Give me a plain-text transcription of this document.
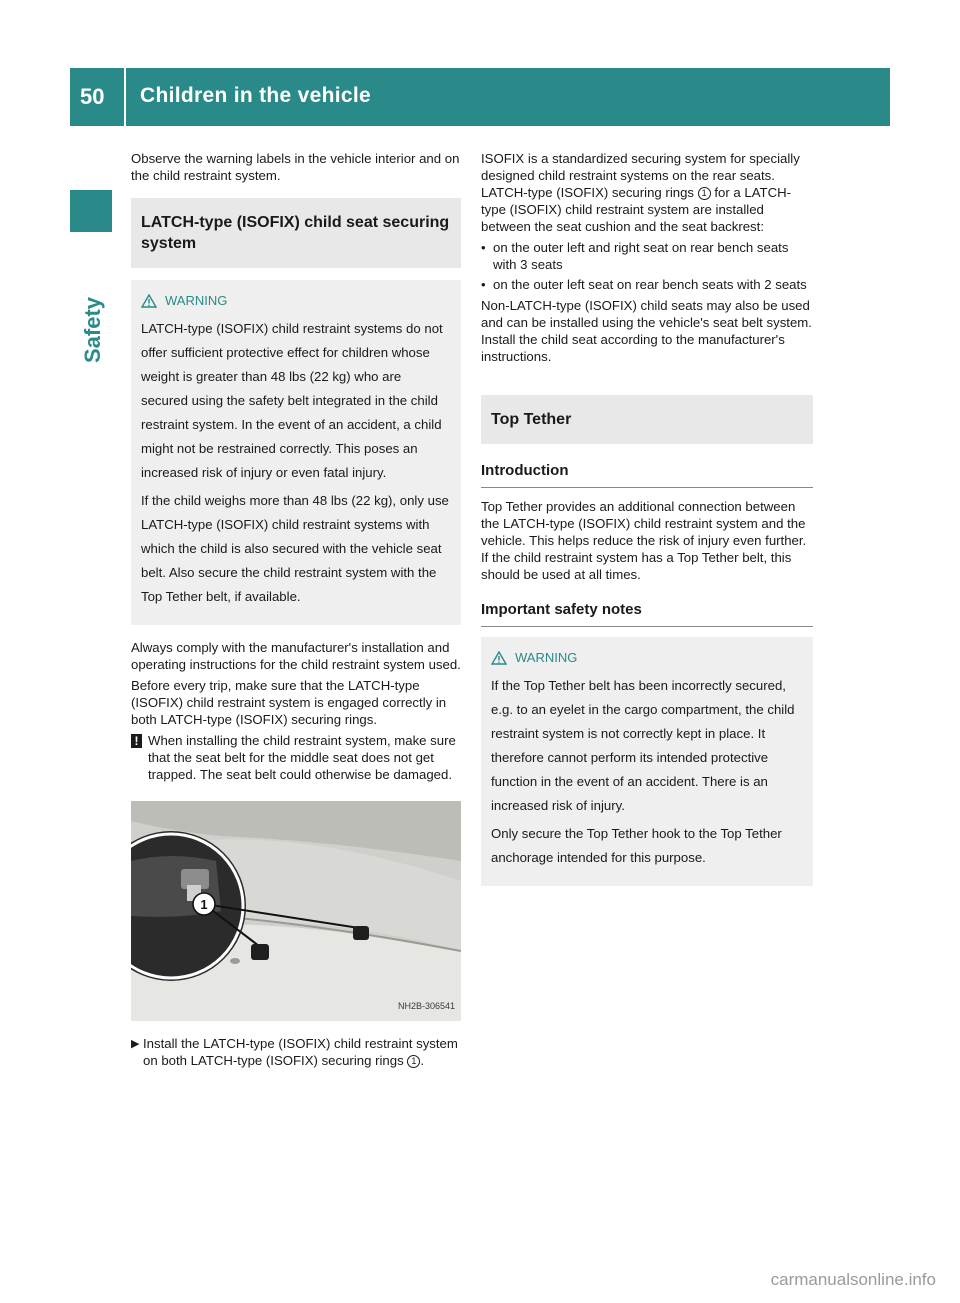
50 Children in the vehicle
Safety

Observe the warning labels in the vehicle interior and on the child restraint system.

LATCH-type (ISOFIX) child seat securing system
WARNING

LATCH-type (ISOFIX) child restraint systems do not offer sufficient protective effect for children whose weight is greater than 48 lbs (22 kg) who are secured using the safety belt integrated in the child restraint system. In the event of an accident, a child might not be restrained correctly. This poses an increased risk of injury or even fatal injury.

If the child weighs more than 48 lbs (22 kg), only use LATCH-type (ISOFIX) child restraint systems with which the child is also secured with the vehicle seat belt. Also secure the child restraint system with the Top Tether belt, if available.

Always comply with the manufacturer's installation and operating instructions for the child restraint system used.

Before every trip, make sure that the LATCH-type (ISOFIX) child restraint system is engaged correctly in both LATCH-type (ISOFIX) securing rings.

! When installing the child restraint system, make sure that the seat belt for the middle seat does not get trapped. The seat belt could otherwise be damaged.
1
NH2B-306541
▶ Install the LATCH-type (ISOFIX) child restraint system on both LATCH-type (ISOFIX) securing rings 1 .

ISOFIX is a standardized securing system for specially designed child restraint systems on the rear seats. LATCH-type (ISOFIX) securing rings 1 for a LATCH-type (ISOFIX) child restraint system are installed between the seat cushion and the seat backrest:

• on the outer left and right seat on rear bench seats with 3 seats
• on the outer left seat on rear bench seats with 2 seats

Non-LATCH-type (ISOFIX) child seats may also be used and can be installed using the vehicle's seat belt system. Install the child seat according to the manufacturer's instructions.

Top Tether
Introduction

Top Tether provides an additional connection between the LATCH-type (ISOFIX) child restraint system and the vehicle. This helps reduce the risk of injury even further. If the child restraint system has a Top Tether belt, this should be used at all times.

Important safety notes
WARNING

If the Top Tether belt has been incorrectly secured, e.g. to an eyelet in the cargo compartment, the child restraint system is not correctly kept in place. It therefore cannot perform its intended protective function in the event of an accident. There is an increased risk of injury.

Only secure the Top Tether hook to the Top Tether anchorage intended for this purpose.

carmanualsonline.info
